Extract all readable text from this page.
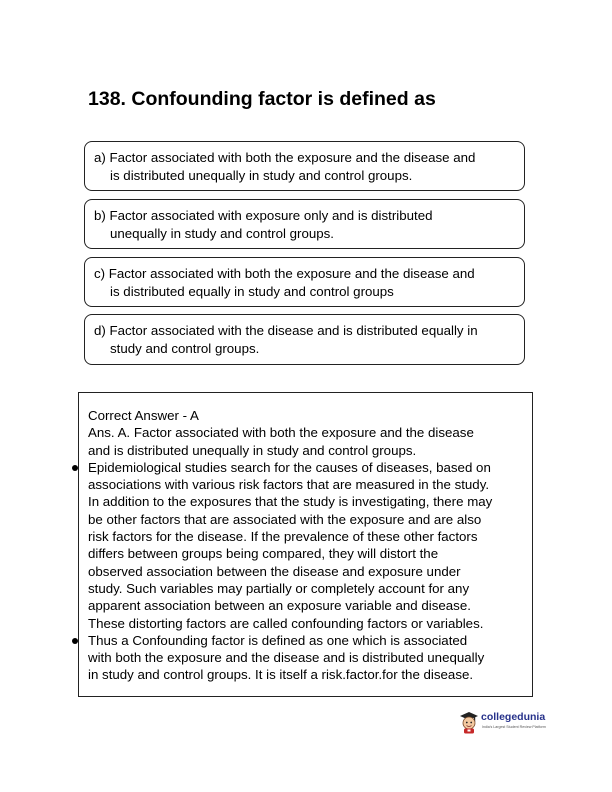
138. Confounding factor is defined as
a) Factor associated with both the exposure and the disease and
is distributed unequally in study and control groups.
b) Factor associated with exposure only and is distributed
unequally in study and control groups.
c) Factor associated with both the exposure and the disease and
is distributed equally in study and control groups
d) Factor associated with the disease and is distributed equally in
study and control groups.
Correct Answer - A
Ans. A. Factor associated with both the exposure and the disease
and is distributed unequally in study and control groups.
Epidemiological studies search for the causes of diseases, based on
associations with various risk factors that are measured in the study.
In addition to the exposures that the study is investigating, there may
be other factors that are associated with the exposure and are also
risk factors for the disease. If the prevalence of these other factors
differs between groups being compared, they will distort the
observed association between the disease and exposure under
study. Such variables may partially or completely account for any
apparent association between an exposure variable and disease.
These distorting factors are called confounding factors or variables.
Thus a Confounding factor is defined as one which is associated
with both the exposure and the disease and is distributed unequally
in study and control groups. It is itself a risk.factor.for the disease.
collegedunia
India's Largest Student Review Platform
